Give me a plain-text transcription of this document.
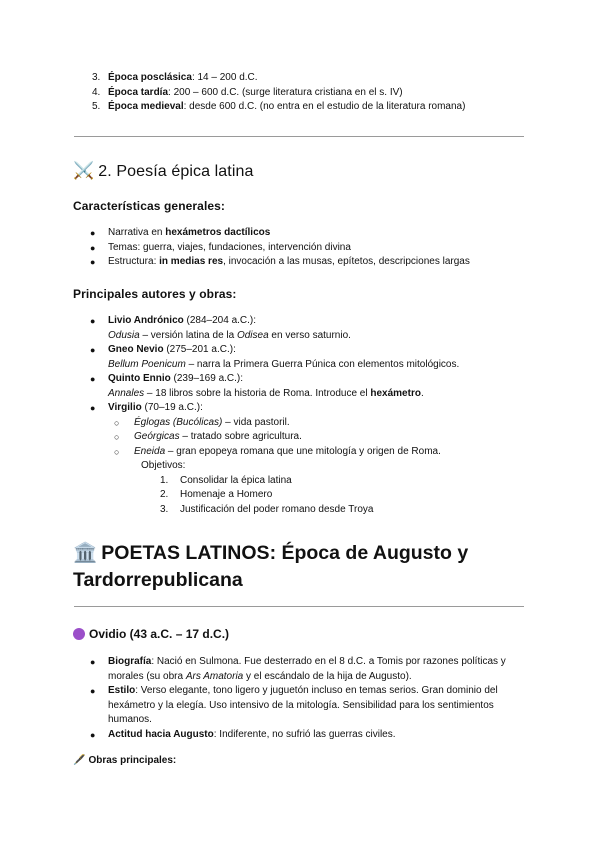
3. Época posclásica: 14 – 200 d.C.
4. Época tardía: 200 – 600 d.C. (surge literatura cristiana en el s. IV)
5. Época medieval: desde 600 d.C. (no entra en el estudio de la literatura romana)
⚔️ 2. Poesía épica latina
Características generales:
●	Narrativa en hexámetros dactílicos
●	Temas: guerra, viajes, fundaciones, intervención divina
●	Estructura: in medias res, invocación a las musas, epítetos, descripciones largas
Principales autores y obras:
●	Livio Andrónico (284–204 a.C.):
Odusia – versión latina de la Odisea en verso saturnio.
●	Gneo Nevio (275–201 a.C.):
Bellum Poenicum – narra la Primera Guerra Púnica con elementos mitológicos.
●	Quinto Ennio (239–169 a.C.):
Annales – 18 libros sobre la historia de Roma. Introduce el hexámetro.
●	Virgilio (70–19 a.C.):
○ Églogas (Bucólicas) – vida pastoril.
○ Geórgicas – tratado sobre agricultura.
○ Eneida – gran epopeya romana que une mitología y origen de Roma.
Objetivos:
1.	Consolidar la épica latina
2.	Homenaje a Homero
3.	Justificación del poder romano desde Troya
🏛️ POETAS LATINOS: Época de Augusto y Tardorrepublicana
Ovidio (43 a.C. – 17 d.C.)
●	Biografía: Nació en Sulmona. Fue desterrado en el 8 d.C. a Tomis por razones políticas y morales (su obra Ars Amatoria y el escándalo de la hija de Augusto).
●	Estilo: Verso elegante, tono ligero y juguetón incluso en temas serios. Gran dominio del hexámetro y la elegía. Uso intensivo de la mitología. Sensibilidad para los sentimientos humanos.
●	Actitud hacia Augusto: Indiferente, no sufrió las guerras civiles.
🖋️ Obras principales:
